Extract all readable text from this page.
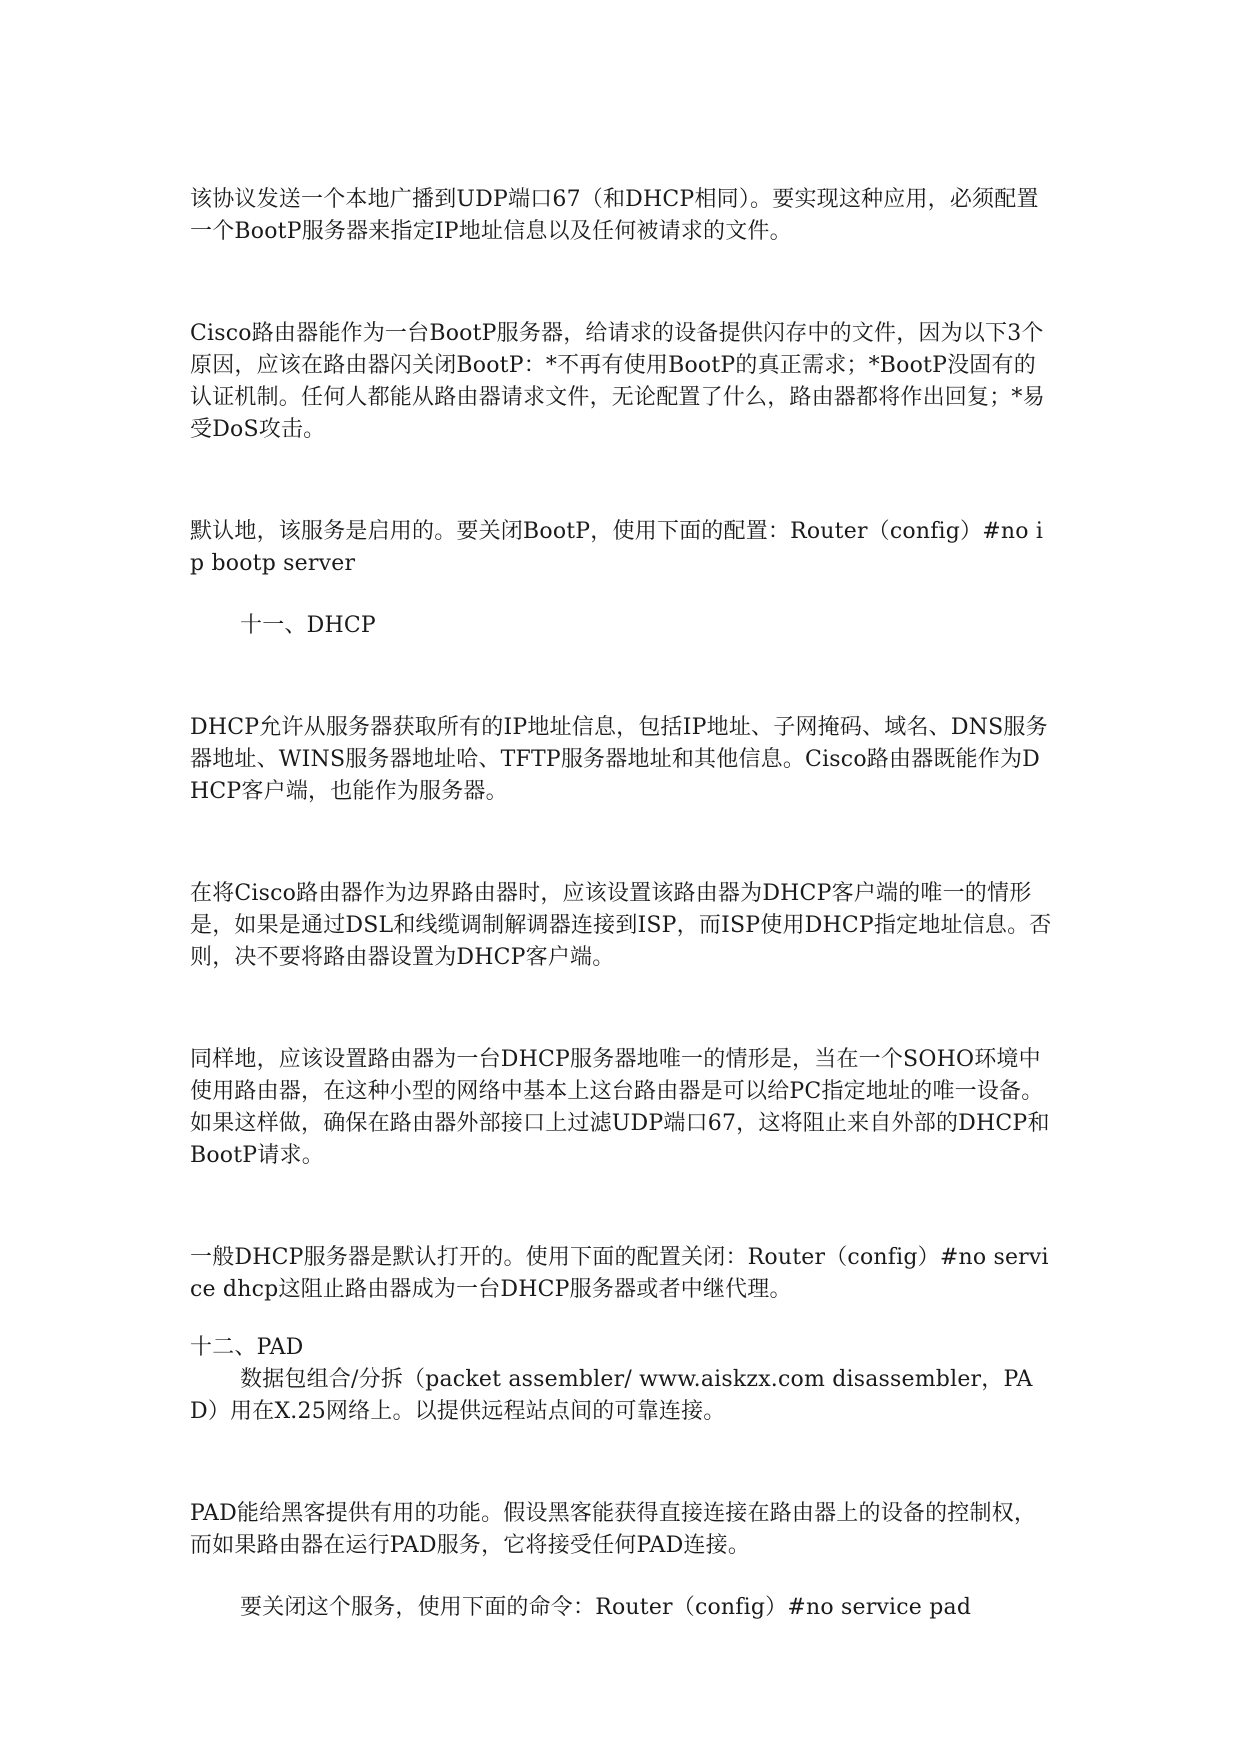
该协议发送一个本地广播到UDP端口67（和DHCP相同）。要实现这种应用，必须配置一个BootP服务器来指定IP地址信息以及任何被请求的文件。

Cisco路由器能作为一台BootP服务器，给请求的设备提供闪存中的文件，因为以下3个原因，应该在路由器闪关闭BootP：*不再有使用BootP的真正需求；*BootP没固有的认证机制。任何人都能从路由器请求文件，无论配置了什么，路由器都将作出回复；*易受DoS攻击。

默认地，该服务是启用的。要关闭BootP，使用下面的配置：Router（config）#no ip bootp server

十一、DHCP

DHCP允许从服务器获取所有的IP地址信息，包括IP地址、子网掩码、域名、DNS服务器地址、WINS服务器地址哈、TFTP服务器地址和其他信息。Cisco路由器既能作为DHCP客户端，也能作为服务器。

在将Cisco路由器作为边界路由器时，应该设置该路由器为DHCP客户端的唯一的情形是，如果是通过DSL和线缆调制解调器连接到ISP，而ISP使用DHCP指定地址信息。否则，决不要将路由器设置为DHCP客户端。

同样地，应该设置路由器为一台DHCP服务器地唯一的情形是，当在一个SOHO环境中使用路由器，在这种小型的网络中基本上这台路由器是可以给PC指定地址的唯一设备。如果这样做，确保在路由器外部接口上过滤UDP端口67，这将阻止来自外部的DHCP和BootP请求。

一般DHCP服务器是默认打开的。使用下面的配置关闭：Router（config）#no service dhcp这阻止路由器成为一台DHCP服务器或者中继代理。

十二、PAD

数据包组合/分拆（packet assembler/ www.aiskzx.com disassembler，PAD）用在X.25网络上。以提供远程站点间的可靠连接。

PAD能给黑客提供有用的功能。假设黑客能获得直接连接在路由器上的设备的控制权，而如果路由器在运行PAD服务，它将接受任何PAD连接。

要关闭这个服务，使用下面的命令：Router（config）#no service pad
